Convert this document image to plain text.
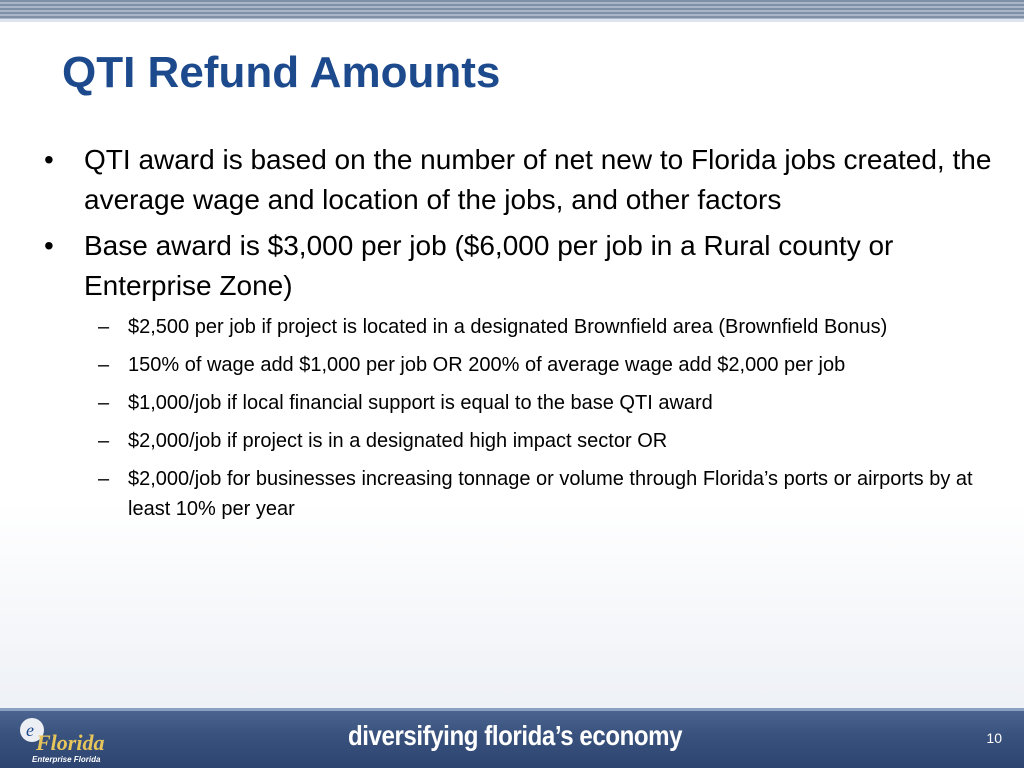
QTI Refund Amounts
• QTI award is based on the number of net new to Florida jobs created, the average wage and location of the jobs, and other factors
• Base award is $3,000 per job ($6,000 per job in a Rural county or Enterprise Zone)
– $2,500 per job if project is located in a designated Brownfield area (Brownfield Bonus)
– 150% of wage add $1,000 per job OR 200% of average wage add $2,000 per job
– $1,000/job if local financial support is equal to the base QTI award
– $2,000/job if project is in a designated high impact sector OR
– $2,000/job for businesses increasing tonnage or volume through Florida’s ports or airports by at least 10% per year
e Florida
Enterprise Florida
diversifying florida’s economy	10
